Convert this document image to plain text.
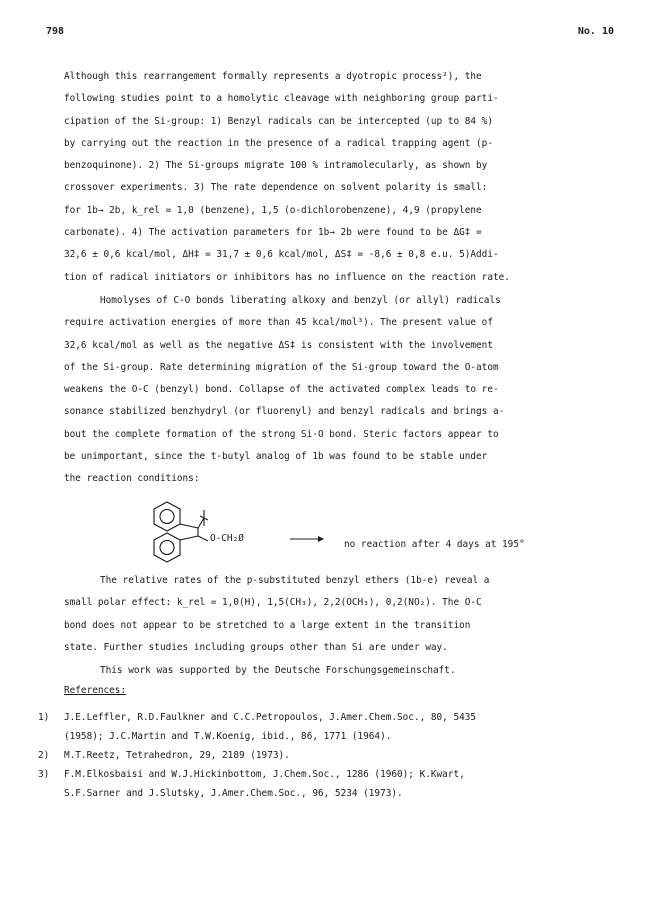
798	No. 10
Although this rearrangement formally represents a dyotropic process²), the
following studies point to a homolytic cleavage with neighboring group parti-
cipation of the Si-group: 1) Benzyl radicals can be intercepted (up to 84 %)
by carrying out the reaction in the presence of a radical trapping agent (p-
benzoquinone). 2) The Si-groups migrate 100 % intramolecularly, as shown by
crossover experiments. 3) The rate dependence on solvent polarity is small:
for 1b→ 2b, k_rel = 1,0 (benzene), 1,5 (o-dichlorobenzene), 4,9 (propylene
carbonate). 4) The activation parameters for 1b→ 2b were found to be ΔG‡ =
32,6 ± 0,6 kcal/mol, ΔH‡ = 31,7 ± 0,6 kcal/mol, ΔS‡ = -8,6 ± 0,8 e.u. 5)Addi-
tion of radical initiators or inhibitors has no influence on the reaction rate.
Homolyses of C-O bonds liberating alkoxy and benzyl (or allyl) radicals
require activation energies of more than 45 kcal/mol³). The present value of
32,6 kcal/mol as well as the negative ΔS‡ is consistent with the involvement
of the Si-group. Rate determining migration of the Si-group toward the O-atom
weakens the O-C (benzyl) bond. Collapse of the activated complex leads to re-
sonance stabilized benzhydryl (or fluorenyl) and benzyl radicals and brings a-
bout the complete formation of the strong Si-O bond. Steric factors appear to
be unimportant, since the t-butyl analog of 1b was found to be stable under
the reaction conditions:
O-CH₂Ø
no reaction after 4 days at 195°
The relative rates of the p-substituted benzyl ethers (1b-e) reveal a
small polar effect: k_rel = 1,0(H), 1,5(CH₃), 2,2(OCH₃), 0,2(NO₂). The O-C
bond does not appear to be stretched to a large extent in the transition
state. Further studies including groups other than Si are under way.
This work was supported by the Deutsche Forschungsgemeinschaft.
References:
1) J.E.Leffler, R.D.Faulkner and C.C.Petropoulos, J.Amer.Chem.Soc., 80, 5435
(1958); J.C.Martin and T.W.Koenig, ibid., 86, 1771 (1964).
2) M.T.Reetz, Tetrahedron, 29, 2189 (1973).
3) F.M.Elkosbaisi and W.J.Hickinbottom, J.Chem.Soc., 1286 (1960); K.Kwart,
S.F.Sarner and J.Slutsky, J.Amer.Chem.Soc., 96, 5234 (1973).
